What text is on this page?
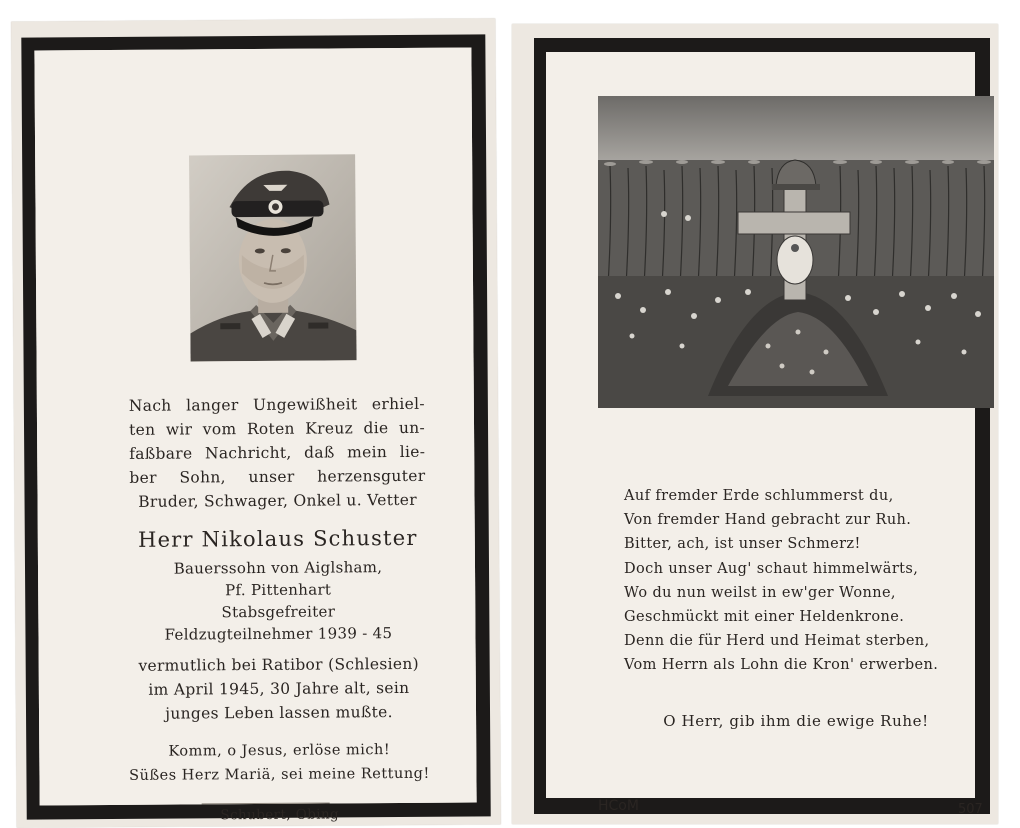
Nach langer Ungewißheit erhiel-
ten wir vom Roten Kreuz die un-
faßbare Nachricht, daß mein lie-
ber Sohn, unser herzensguter
Bruder, Schwager, Onkel u. Vetter
Herr Nikolaus Schuster
Bauerssohn von Aiglsham,
Pf. Pittenhart
Stabsgefreiter
Feldzugteilnehmer 1939 - 45
vermutlich bei Ratibor (Schlesien)
im April 1945, 30 Jahre alt, sein
junges Leben lassen mußte.
Komm, o Jesus, erlöse mich!
Süßes Herz Mariä, sei meine Rettung!
Schubert, Obing
Auf fremder Erde schlummerst du,
Von fremder Hand gebracht zur Ruh.
Bitter, ach, ist unser Schmerz!
Doch unser Aug' schaut himmelwärts,
Wo du nun weilst in ew'ger Wonne,
Geschmückt mit einer Heldenkrone.
Denn die für Herd und Heimat sterben,
Vom Herrn als Lohn die Kron' erwerben.
O Herr, gib ihm die ewige Ruhe!
HCoM	507
